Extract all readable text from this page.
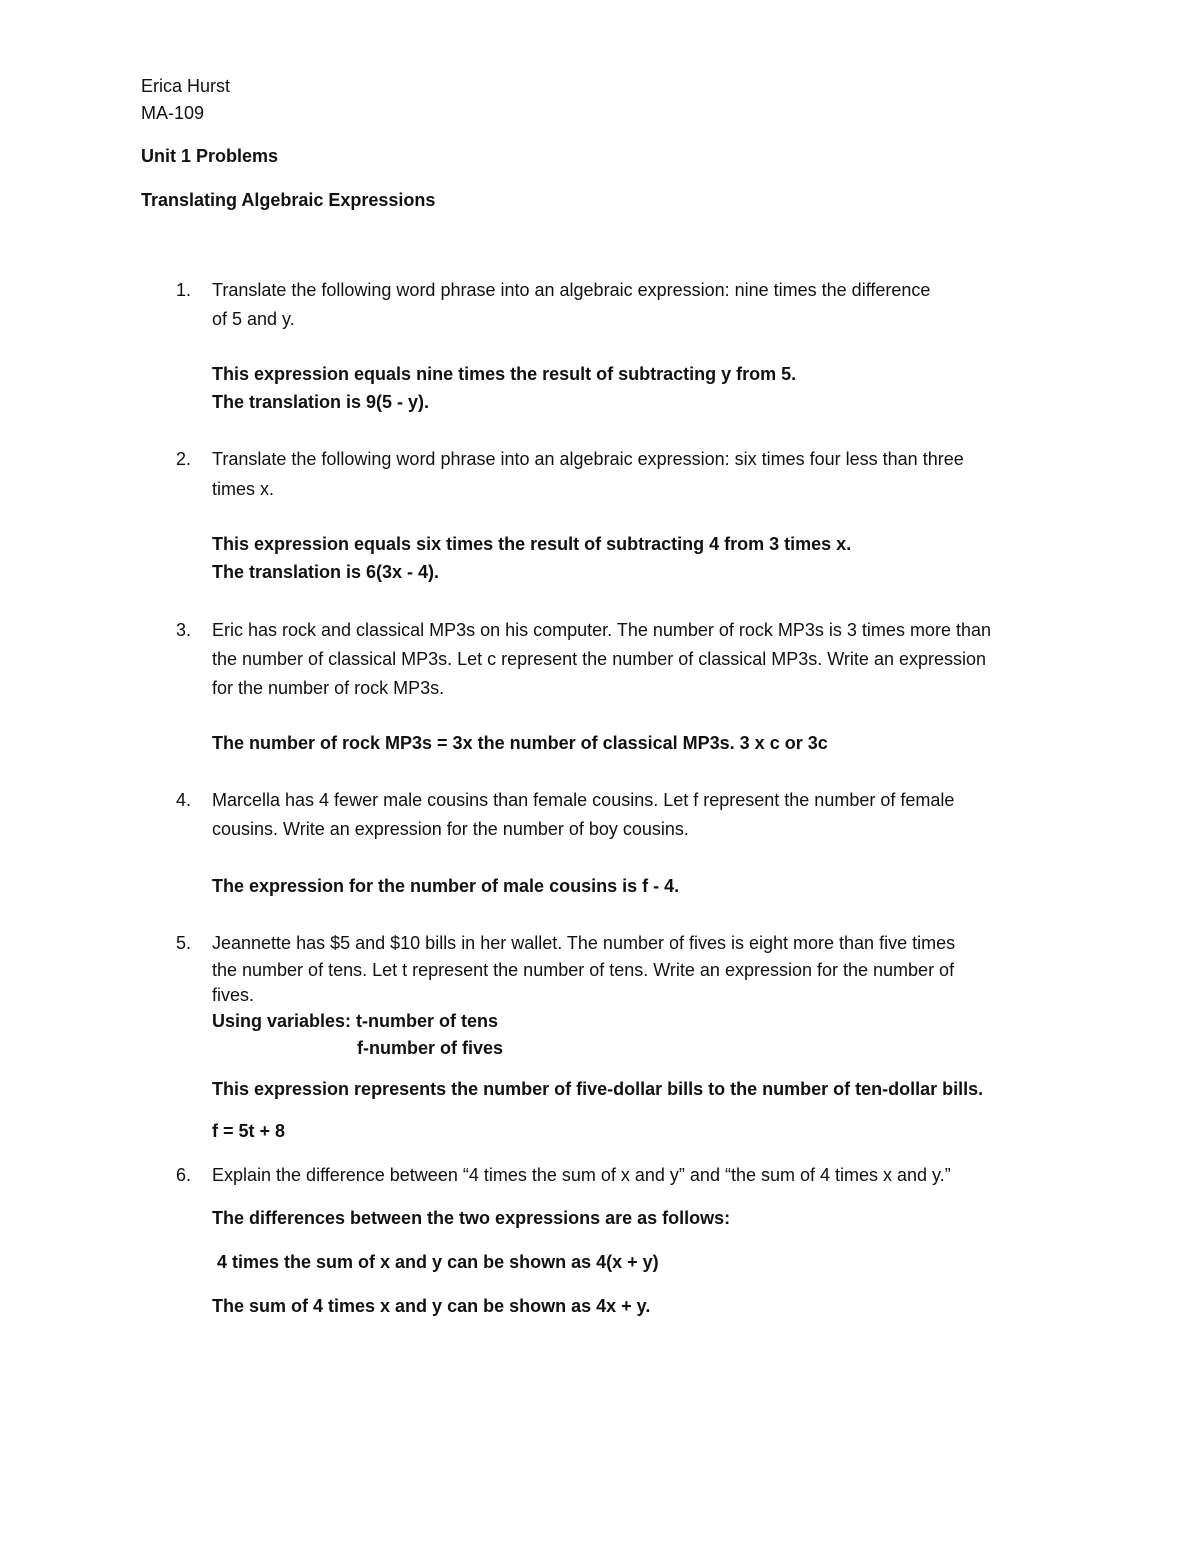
Erica Hurst
MA-109
Unit 1 Problems
Translating Algebraic Expressions
1. Translate the following word phrase into an algebraic expression: nine times the difference
of 5 and y.
This expression equals nine times the result of subtracting y from 5.
The translation is 9(5 - y).
2. Translate the following word phrase into an algebraic expression: six times four less than three
times x.
This expression equals six times the result of subtracting 4 from 3 times x.
The translation is 6(3x - 4).
3. Eric has rock and classical MP3s on his computer. The number of rock MP3s is 3 times more than
the number of classical MP3s. Let c represent the number of classical MP3s. Write an expression
for the number of rock MP3s.
The number of rock MP3s = 3x the number of classical MP3s. 3 x c or 3c
4. Marcella has 4 fewer male cousins than female cousins. Let f represent the number of female
cousins. Write an expression for the number of boy cousins.
The expression for the number of male cousins is f - 4.
5. Jeannette has $5 and $10 bills in her wallet. The number of fives is eight more than five times
the number of tens. Let t represent the number of tens. Write an expression for the number of
fives.
Using variables: t-number of tens
f-number of fives
This expression represents the number of five-dollar bills to the number of ten-dollar bills.
f = 5t + 8
6. Explain the difference between “4 times the sum of x and y” and “the sum of 4 times x and y.”
The differences between the two expressions are as follows:
4 times the sum of x and y can be shown as 4(x + y)
The sum of 4 times x and y can be shown as 4x + y.
